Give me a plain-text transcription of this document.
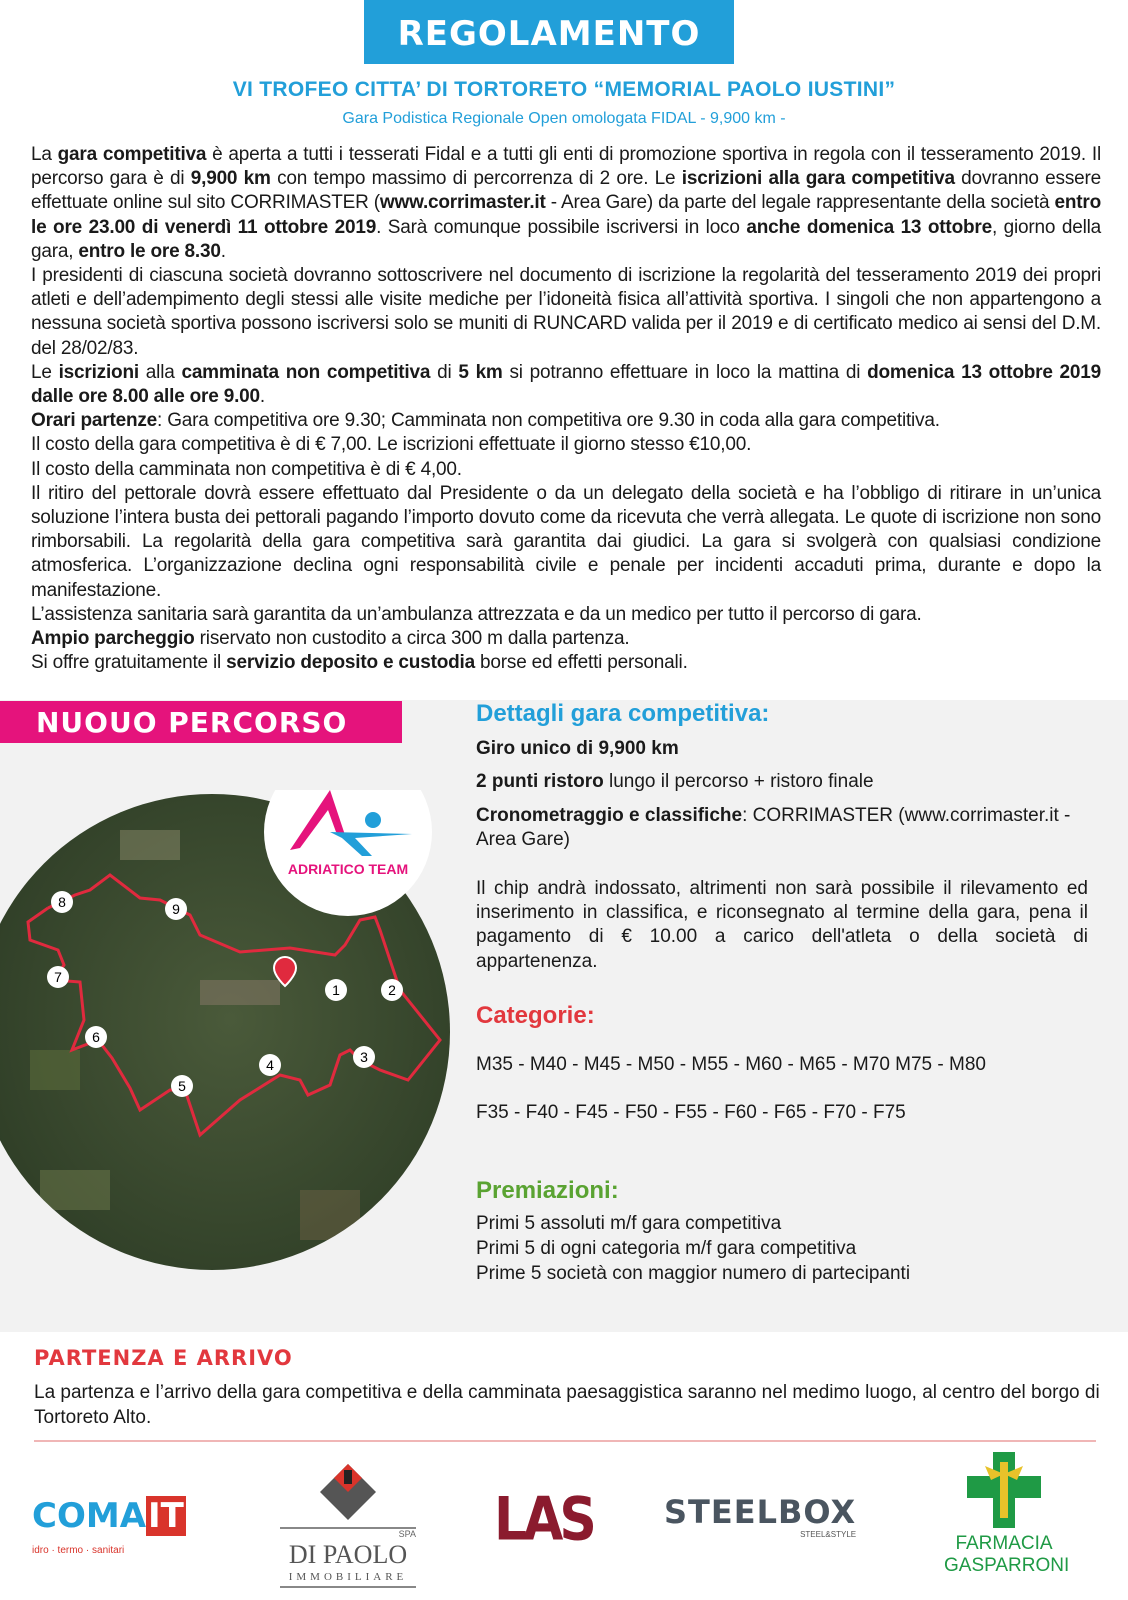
REGOLAMENTO
VI TROFEO CITTA’ DI TORTORETO “MEMORIAL PAOLO IUSTINI”
Gara Podistica Regionale Open omologata FIDAL - 9,900 km -

La gara competitiva è aperta a tutti i tesserati Fidal e a tutti gli enti di promozione sportiva in regola con il tesseramento 2019. Il percorso gara è di 9,900 km con tempo massimo di percorrenza di 2 ore. Le iscrizioni alla gara competitiva dovranno essere effettuate online sul sito CORRIMASTER (www.corrimaster.it - Area Gare) da parte del legale rappresentante della società entro le ore 23.00 di venerdì 11 ottobre 2019. Sarà comunque possibile iscriversi in loco anche domenica 13 ottobre, giorno della gara, entro le ore 8.30.

I presidenti di ciascuna società dovranno sottoscrivere nel documento di iscrizione la regolarità del tesseramento 2019 dei propri atleti e dell’adempimento degli stessi alle visite mediche per l’idoneità fisica all’attività sportiva. I singoli che non appartengono a nessuna società sportiva possono iscriversi solo se muniti di RUNCARD valida per il 2019 e di certificato medico ai sensi del D.M. del 28/02/83.

Le iscrizioni alla camminata non competitiva di 5 km si potranno effettuare in loco la mattina di domenica 13 ottobre 2019 dalle ore 8.00 alle ore 9.00.

Orari partenze: Gara competitiva ore 9.30; Camminata non competitiva ore 9.30 in coda alla gara competitiva.

Il costo della gara competitiva è di € 7,00. Le iscrizioni effettuate il giorno stesso €10,00.

Il costo della camminata non competitiva è di € 4,00.

Il ritiro del pettorale dovrà essere effettuato dal Presidente o da un delegato della società e ha l’obbligo di ritirare in un’unica soluzione l’intera busta dei pettorali pagando l’importo dovuto come da ricevuta che verrà allegata. Le quote di iscrizione non sono rimborsabili. La regolarità della gara competitiva sarà garantita dai giudici. La gara si svolgerà con qualsiasi condizione atmosferica. L’organizzazione declina ogni responsabilità civile e penale per incidenti accaduti prima, durante e dopo la manifestazione.

L’assistenza sanitaria sarà garantita da un’ambulanza attrezzata e da un medico per tutto il percorso di gara.

Ampio parcheggio riservato non custodito a circa 300 m dalla partenza.

Si offre gratuitamente il servizio deposito e custodia borse ed effetti personali.

NUOUO PERCORSO
1	2
3
4
5
6
7
8	9
ADRIATICO TEAM
Dettagli gara competitiva:
Giro unico di 9,900 km
2 punti ristoro lungo il percorso + ristoro finale
Cronometraggio e classifiche: CORRIMASTER (www.corrimaster.it - Area Gare)
Il chip andrà indossato, altrimenti non sarà possibile il rilevamento ed inserimento in classifica, e riconsegnato al termine della gara, pena il pagamento di € 10.00 a carico dell'atleta o della società di appartenenza.
Categorie:
M35 - M40 - M45 - M50 - M55 - M60 - M65 - M70 M75 - M80
F35 - F40 - F45 - F50 - F55 - F60 - F65 - F70 - F75
Premiazioni:
Primi 5 assoluti m/f gara competitiva
Primi 5 di ogni categoria m/f gara competitiva
Prime 5 società con maggior numero di partecipanti
PARTENZA E ARRIVO
La partenza e l’arrivo della gara competitiva e della camminata paesaggistica saranno nel medimo luogo, al centro del borgo di Tortoreto Alto.
COMAIT
idro · termo · sanitari
SPA
DI PAOLO
IMMOBILIARE
LAS STEELBOX
STEEL&STYLE	FARMACIA
GASPARRONI
